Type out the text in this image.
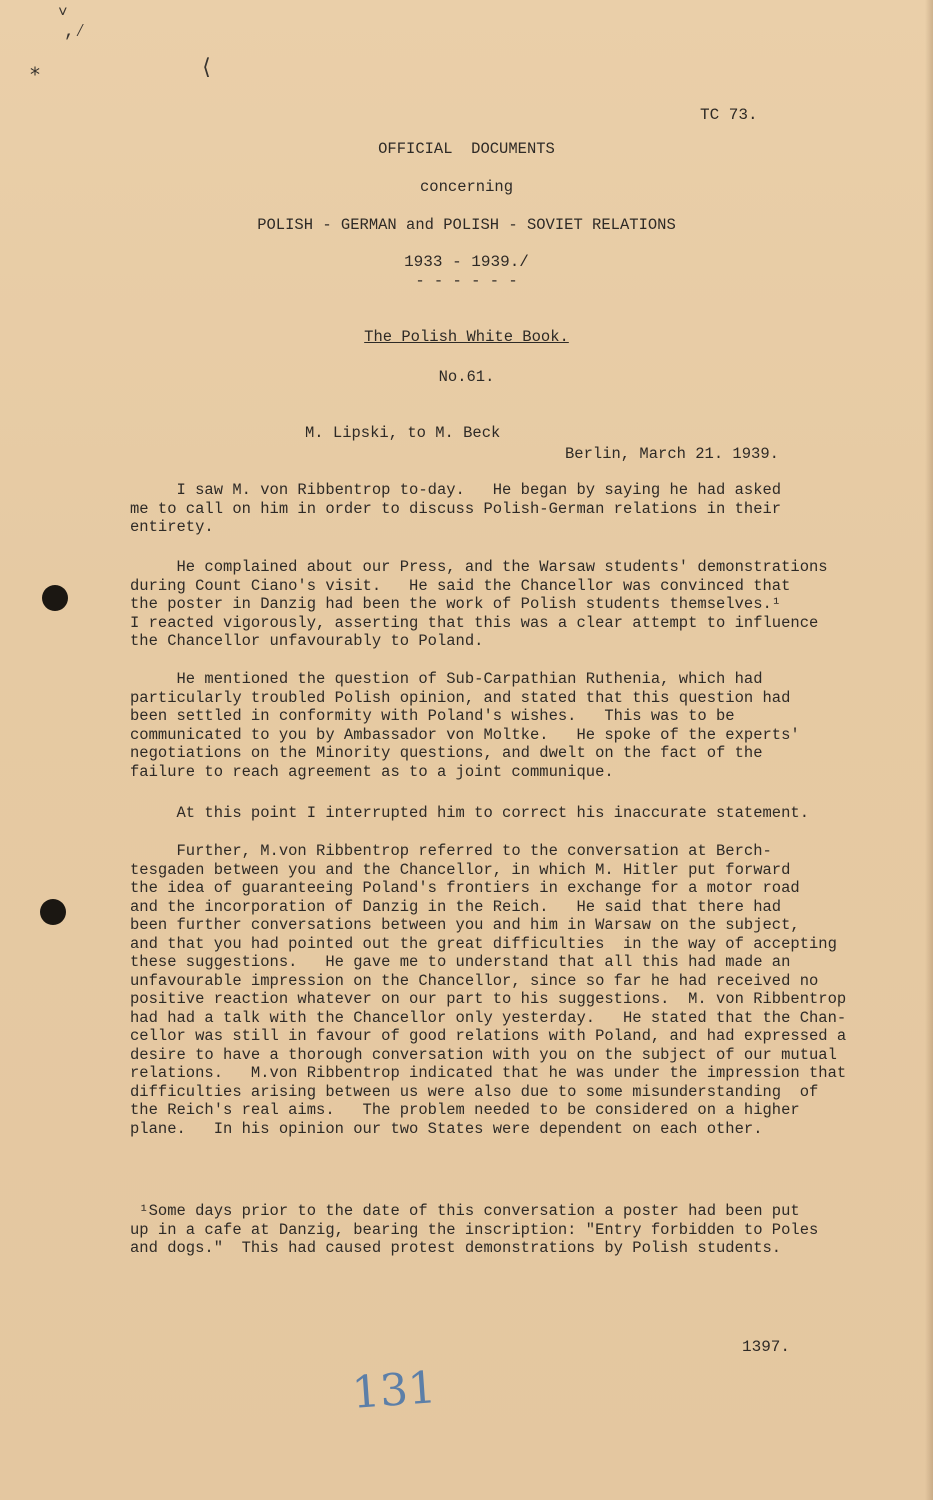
˅
,⁄
⁎	⟨
TC 73.
OFFICIAL  DOCUMENTS
concerning
POLISH - GERMAN and POLISH - SOVIET RELATIONS
1933 - 1939./
- - - - - -
The Polish White Book.
No.61.
M. Lipski, to M. Beck
Berlin, March 21. 1939.
I saw M. von Ribbentrop to-day.   He began by saying he had asked
me to call on him in order to discuss Polish-German relations in their
entirety.
He complained about our Press, and the Warsaw students' demonstrations
during Count Ciano's visit.   He said the Chancellor was convinced that
the poster in Danzig had been the work of Polish students themselves.¹
I reacted vigorously, asserting that this was a clear attempt to influence
the Chancellor unfavourably to Poland.
He mentioned the question of Sub-Carpathian Ruthenia, which had
particularly troubled Polish opinion, and stated that this question had
been settled in conformity with Poland's wishes.   This was to be
communicated to you by Ambassador von Moltke.   He spoke of the experts'
negotiations on the Minority questions, and dwelt on the fact of the
failure to reach agreement as to a joint communique.
At this point I interrupted him to correct his inaccurate statement.
Further, M.von Ribbentrop referred to the conversation at Berch-
tesgaden between you and the Chancellor, in which M. Hitler put forward
the idea of guaranteeing Poland's frontiers in exchange for a motor road
and the incorporation of Danzig in the Reich.   He said that there had
been further conversations between you and him in Warsaw on the subject,
and that you had pointed out the great difficulties  in the way of accepting
these suggestions.   He gave me to understand that all this had made an
unfavourable impression on the Chancellor, since so far he had received no
positive reaction whatever on our part to his suggestions.  M. von Ribbentrop
had had a talk with the Chancellor only yesterday.   He stated that the Chan-
cellor was still in favour of good relations with Poland, and had expressed a
desire to have a thorough conversation with you on the subject of our mutual
relations.   M.von Ribbentrop indicated that he was under the impression that
difficulties arising between us were also due to some misunderstanding  of
the Reich's real aims.   The problem needed to be considered on a higher
plane.   In his opinion our two States were dependent on each other.
¹Some days prior to the date of this conversation a poster had been put
up in a cafe at Danzig, bearing the inscription: "Entry forbidden to Poles
and dogs."  This had caused protest demonstrations by Polish students.
1397.
131
